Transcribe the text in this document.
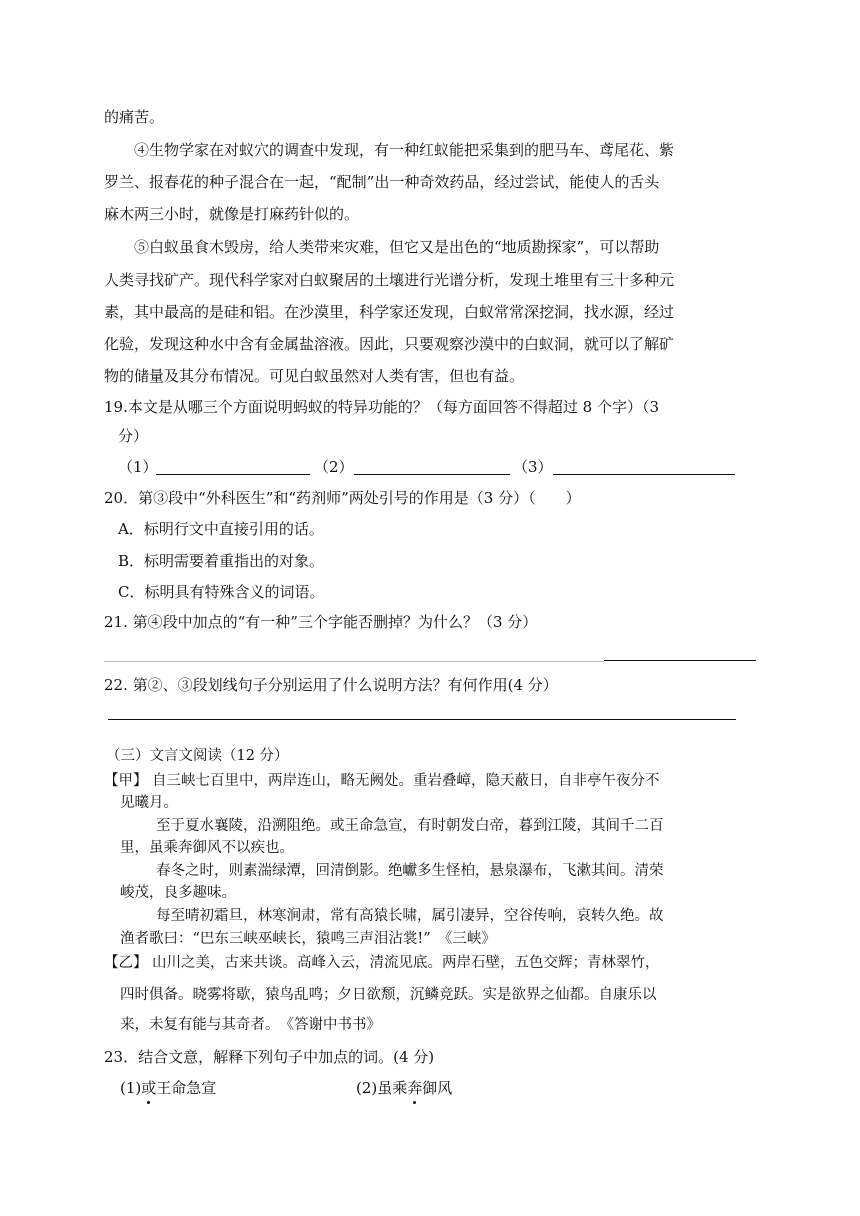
的痛苦。
④生物学家在对蚁穴的调查中发现，有一种红蚁能把采集到的肥马车、鸢尾花、紫
罗兰、报春花的种子混合在一起，“配制”出一种奇效药品，经过尝试，能使人的舌头
麻木两三小时，就像是打麻药针似的。
⑤白蚁虽食木毁房，给人类带来灾难，但它又是出色的“地质勘探家”，可以帮助
人类寻找矿产。现代科学家对白蚁聚居的土壤进行光谱分析，发现土堆里有三十多种元
素，其中最高的是硅和铝。在沙漠里，科学家还发现，白蚁常常深挖洞，找水源，经过
化验，发现这种水中含有金属盐溶液。因此，只要观察沙漠中的白蚁洞，就可以了解矿
物的储量及其分布情况。可见白蚁虽然对人类有害，但也有益。
19.本文是从哪三个方面说明蚂蚁的特异功能的？（每方面回答不得超过 8 个字）（3
分）
（1）	（2）	（3）
20．第③段中“外科医生”和“药剂师”两处引号的作用是（3 分）（　　）
A．标明行文中直接引用的话。
B．标明需要着重指出的对象。
C．标明具有特殊含义的词语。
21. 第④段中加点的“有一种”三个字能否删掉？为什么？（3 分）
22. 第②、③段划线句子分别运用了什么说明方法？有何作用(4 分）
（三）文言文阅读（12 分）
【甲】 自三峡七百里中，两岸连山，略无阙处。重岩叠嶂，隐天蔽日，自非亭午夜分不
见曦月。
至于夏水襄陵，沿溯阻绝。或王命急宣，有时朝发白帝，暮到江陵，其间千二百
里，虽乘奔御风不以疾也。
春冬之时，则素湍绿潭，回清倒影。绝巘多生怪柏，悬泉瀑布，飞漱其间。清荣
峻茂，良多趣味。
每至晴初霜旦，林寒涧肃，常有高猿长啸，属引凄异，空谷传响，哀转久绝。故
渔者歌曰：“巴东三峡巫峡长，猿鸣三声泪沾裳!”　《三峡》
【乙】 山川之美，古来共谈。高峰入云，清流见底。两岸石壁，五色交辉；青林翠竹，
四时俱备。晓雾将歇，猿鸟乱鸣；夕日欲颓，沉鳞竞跃。实是欲界之仙都。自康乐以
来，未复有能与其奇者。　《答谢中书书》
23．结合文意，解释下列句子中加点的词。(4 分)
(1)或王命急宣	(2)虽乘奔御风
